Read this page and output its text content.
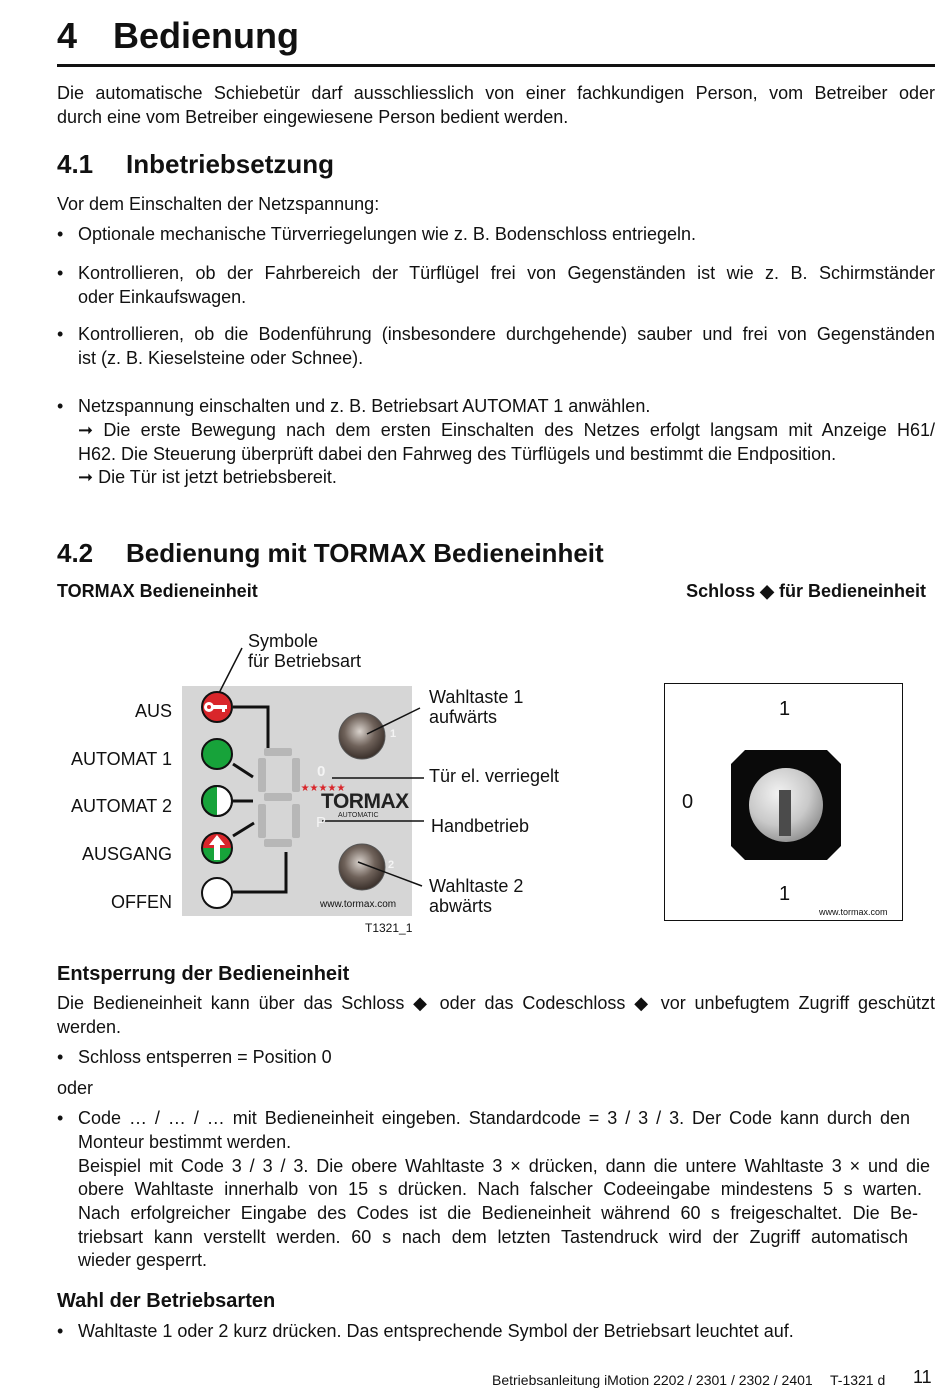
4 Bedienung
Die automatische Schiebetür darf ausschliesslich von einer fachkundigen Person, vom Betreiber oder
durch eine vom Betreiber eingewiesene Person bedient werden.
4.1 Inbetriebsetzung
Vor dem Einschalten der Netzspannung:
• Optionale mechanische Türverriegelungen wie z. B. Bodenschloss entriegeln.
• Kontrollieren, ob der Fahrbereich der Türflügel frei von Gegenständen ist wie z. B. Schirmständer
oder Einkaufswagen.
• Kontrollieren, ob die Bodenführung (insbesondere durchgehende) sauber und frei von Gegenständen
ist (z. B. Kieselsteine oder Schnee).
• Netzspannung einschalten und z. B. Betriebsart AUTOMAT 1 anwählen.
➞ Die erste Bewegung nach dem ersten Einschalten des Netzes erfolgt langsam mit Anzeige H61/
H62. Die Steuerung überprüft dabei den Fahrweg des Türflügels und bestimmt die Endposition.
➞ Die Tür ist jetzt betriebsbereit.
4.2 Bedienung mit TORMAX Bedieneinheit
TORMAX Bedieneinheit	Schloss ◆ für Bedieneinheit
Symbole
für Betriebsart
AUS
AUTOMAT 1
AUTOMAT 2
AUSGANG
OFFEN
★★★★★
0
P
1
2
TORMAX
AUTOMATIC
www.tormax.com
T1321_1
Wahltaste 1
aufwärts
Tür el. verriegelt
Handbetrieb
Wahltaste 2
abwärts
1
0
1
www.tormax.com
Entsperrung der Bedieneinheit
Die Bedieneinheit kann über das Schloss ◆ oder das Codeschloss ◆ vor unbefugtem Zugriff geschützt
werden.
• Schloss entsperren = Position 0
oder
• Code … / … / … mit Bedieneinheit eingeben. Standardcode = 3 / 3 / 3. Der Code kann durch den
Monteur bestimmt werden.
Beispiel mit Code 3 / 3 / 3. Die obere Wahltaste 3 × drücken, dann die untere Wahltaste 3 × und die
obere Wahltaste innerhalb von 15 s drücken. Nach falscher Codeeingabe mindestens 5 s warten.
Nach erfolgreicher Eingabe des Codes ist die Bedieneinheit während 60 s freigeschaltet. Die Be-
triebsart kann verstellt werden. 60 s nach dem letzten Tastendruck wird der Zugriff automatisch
wieder gesperrt.
Wahl der Betriebsarten
• Wahltaste 1 oder 2 kurz drücken. Das entsprechende Symbol der Betriebsart leuchtet auf.
Betriebsanleitung iMotion 2202 / 2301 / 2302 / 2401 T-1321 d 11
